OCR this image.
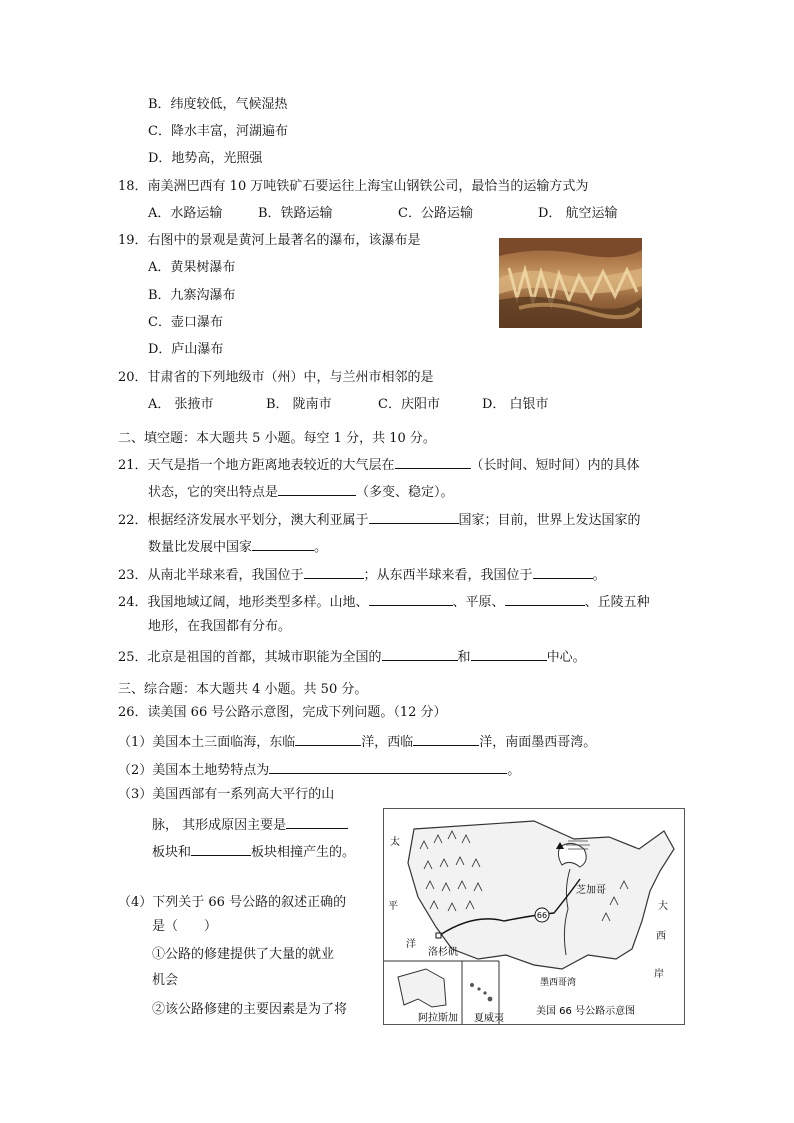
B．纬度较低，气候湿热
C．降水丰富，河湖遍布
D．地势高，光照强
18．南美洲巴西有 10 万吨铁矿石要运往上海宝山钢铁公司，最恰当的运输方式为
A．水路运输	B．铁路运输	C．公路运输	D． 航空运输
19．右图中的景观是黄河上最著名的瀑布，该瀑布是
A．黄果树瀑布
B．九寨沟瀑布
C．壶口瀑布
D．庐山瀑布
20．甘肃省的下列地级市（州）中，与兰州市相邻的是
A． 张掖市	B． 陇南市	C．庆阳市	D． 白银市
二、填空题：本大题共 5 小题。每空 1 分，共 10 分。
21．天气是指一个地方距离地表较近的大气层在	（长时间、短时间）内的具体
状态，它的突出特点是	（多变、稳定）。
22．根据经济发展水平划分，澳大利亚属于	国家；目前，世界上发达国家的
数量比发展中国家	。
23．从南北半球来看，我国位于	；从东西半球来看，我国位于	。
24．我国地域辽阔，地形类型多样。山地、	、平原、	、丘陵五种
地形，在我国都有分布。
25．北京是祖国的首都，其城市职能为全国的	和	中心。
三、综合题：本大题共 4 小题。共 50 分。
26．读美国 66 号公路示意图，完成下列问题。（12 分）
（1）美国本土三面临海，东临	洋，西临	洋，南面墨西哥湾。
（2）美国本土地势特点为	。
（3）美国西部有一系列高大平行的山
脉， 其形成原因主要是
板块和	板块相撞产生的。
（4）下列关于 66 号公路的叙述正确的
是（　　）
①公路的修建提供了大量的就业
机会
②该公路修建的主要因素是为了将
66
太
平
洋
大
西
岸
洛杉矶
芝加哥
墨西哥湾
阿拉斯加 夏威夷
美国 66 号公路示意图
